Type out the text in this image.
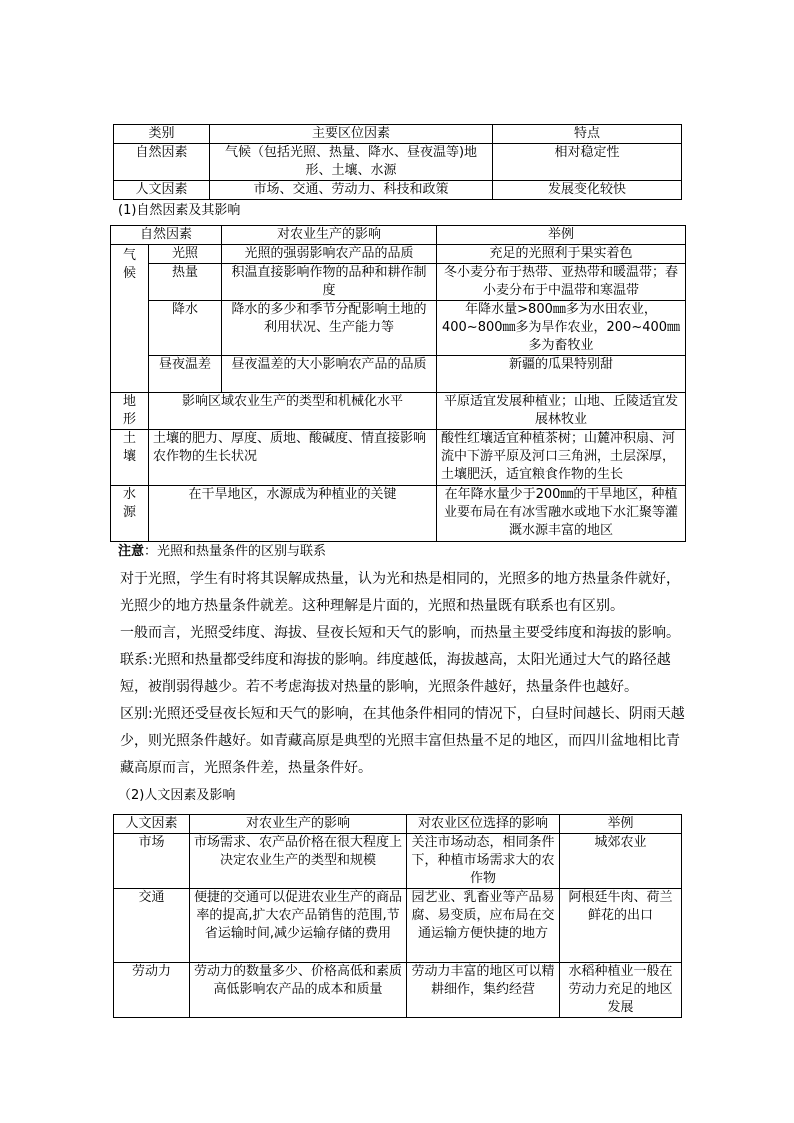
类别	主要区位因素	特点
自然因素	气候（包括光照、热量、降水、昼夜温等)地形、土壤、水源	相对稳定性
人文因素	市场、交通、劳动力、科技和政策	发展变化较快
(1)自然因素及其影响
自然因素		对农业生产的影响	举例

气候	光照	光照的强弱影响农产品的品质	充足的光照利于果实着色
	热量	积温直接影响作物的品种和耕作制度	冬小麦分布于热带、亚热带和暖温带；春小麦分布于中温带和寒温带
	降水	降水的多少和季节分配影响土地的利用状况、生产能力等	年降水量>800㎜多为水田农业，400~800㎜多为旱作农业，200~400㎜多为畜牧业
	昼夜温差	昼夜温差的大小影响农产品的品质	新疆的瓜果特别甜
地形	影响区域农业生产的类型和机械化水平		平原适宜发展种植业；山地、丘陵适宜发展林牧业
土壤	土壤的肥力、厚度、质地、酸碱度、情直接影响农作物的生长状况		酸性红壤适宜种植茶树；山麓冲积扇、河流中下游平原及河口三角洲，土层深厚，土壤肥沃，适宜粮食作物的生长
水源	在干旱地区，水源成为种植业的关键		在年降水量少于200㎜的干旱地区，种植业要布局在有冰雪融水或地下水汇聚等灌溉水源丰富的地区
注意：光照和热量条件的区别与联系
对于光照，学生有时将其误解成热量，认为光和热是相同的，光照多的地方热量条件就好，光照少的地方热量条件就差。这种理解是片面的，光照和热量既有联系也有区别。
一般而言，光照受纬度、海拔、昼夜长短和天气的影响，而热量主要受纬度和海拔的影响。
联系:光照和热量都受纬度和海拔的影响。纬度越低，海拔越高，太阳光通过大气的路径越短，被削弱得越少。若不考虑海拔对热量的影响，光照条件越好，热量条件也越好。
区别:光照还受昼夜长短和天气的影响，在其他条件相同的情况下，白昼时间越长、阴雨天越少，则光照条件越好。如青藏高原是典型的光照丰富但热量不足的地区，而四川盆地相比青藏高原而言，光照条件差，热量条件好。
（2)人文因素及影响
人文因素	对农业生产的影响	对农业区位选择的影响	举例
市场	市场需求、农产品价格在很大程度上决定农业生产的类型和规模	关注市场动态，相同条件下，种植市场需求大的农作物	城郊农业
交通	便捷的交通可以促进农业生产的商品率的提高,扩大农产品销售的范围,节省运输时间,减少运输存储的费用	园艺业、乳畜业等产品易腐、易变质，应布局在交通运输方便快捷的地方	阿根廷牛肉、荷兰鲜花的出口
劳动力	劳动力的数量多少、价格高低和素质高低影响农产品的成本和质量	劳动力丰富的地区可以精耕细作，集约经营	水稻种植业一般在劳动力充足的地区发展
